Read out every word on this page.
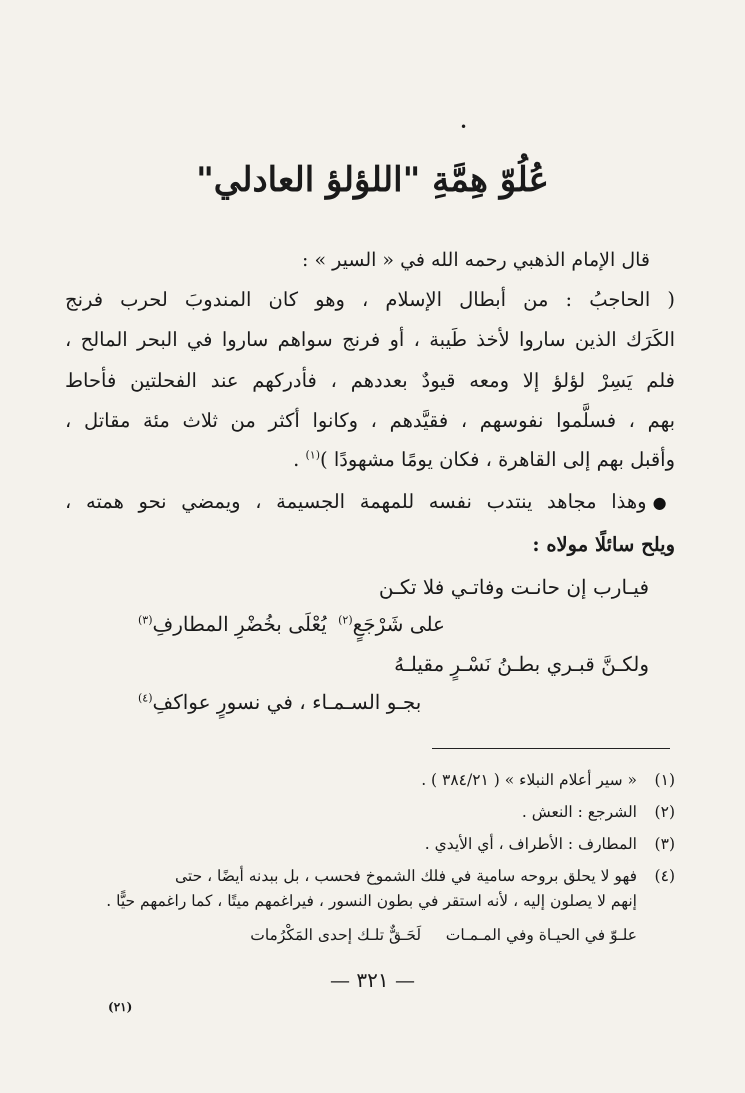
•
عُلُوّ هِمَّةِ "اللؤلؤ العادلي"
قال الإمام الذهبي رحمه الله في « السير » :
( الحاجبُ : من أبطال الإسلام ، وهو كان المندوبَ لحرب فرنج
الكَرَك الذين ساروا لأخذ طَيبة ، أو فرنج سواهم ساروا في البحر المالح ،
فلم يَسِرْ لؤلؤ إلا ومعه قيودٌ بعددهم ، فأدركهم عند الفحلتين فأحاط
بهم ، فسلَّموا نفوسهم ، فقيَّدهم ، وكانوا أكثر من ثلاث مئة مقاتل ،
وأقبل بهم إلى القاهرة ، فكان يومًا مشهودًا )$^{(١)}$ .
●وهذا مجاهد ينتدب نفسه للمهمة الجسيمة ، ويمضي نحو همته ،
ويلح سائلًا مولاه :
فيـارب إن حانـت وفاتـي فلا تكـن
على شَرْجَعٍ$^{(٢)}$
يُعْلَى بخُضْرِ المطارفِ$^{(٣)}$
ولكـنَّ قبـري بطـنُ نَسْـرٍ مقيلـهُ
بجـو السـمـاء ، في نسورٍ عواكفِ$^{(٤)}$
(١)« سير أعلام النبلاء » ( ٣٨٤/٢١ ) .
(٢)الشرجع : النعش .
(٣)المطارف : الأطراف ، أي الأيدي .
(٤)فهو لا يحلق بروحه سامية في فلك الشموخ فحسب ، بل ببدنه أيضًا ، حتى
إنهم لا يصلون إليه ، لأنه استقر في بطون النسور ، فيراغمهم ميتًا ، كما راغمهم حيًّا .
علـوّ في الحيـاة وفي المـمـات     لَحَـقٌّ تلـك إحدى المَكْرُمات
— ٣٢١ —
(٢١)
